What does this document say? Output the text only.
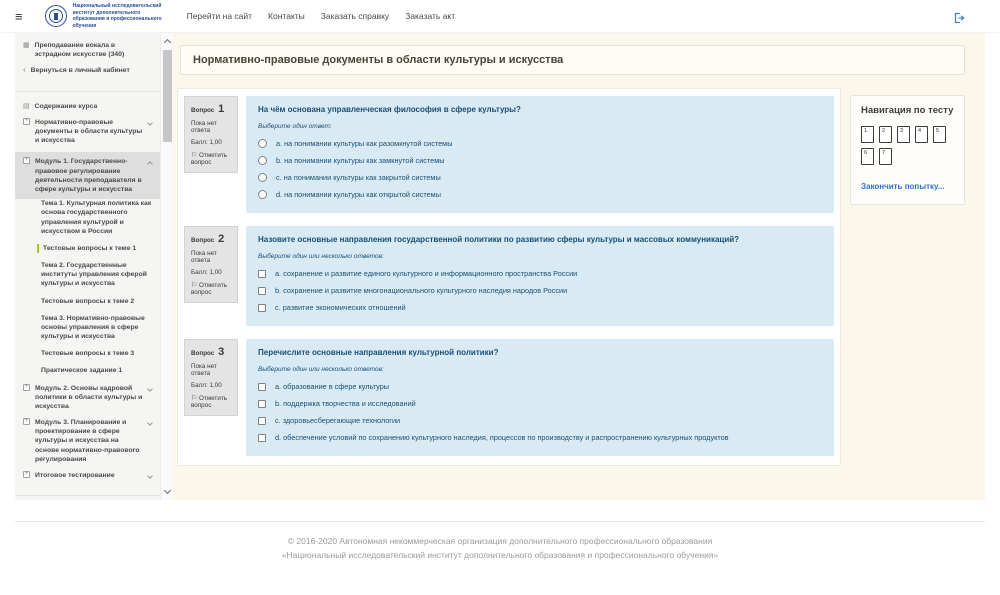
≡
Национальный исследовательский институт дополнительного образования и профессионального обучения
Перейти на сайт Контакты Заказать справку Заказать акт
▦ Преподавание вокала в эстрадном искусстве (340)
‹ Вернуться в личный кабинет
▤ Содержание курса
+ Нормативно-правовые документы в области культуры и искусства
+ Модуль 1. Государственно-правовое регулирование деятельности преподавателя в сфере культуры и искусства
Тема 1. Культурная политика как основа государственного управления культурой и искусством в России
Тестовые вопросы к теме 1
Тема 2. Государственные институты управления сферой культуры и искусства
Тестовые вопросы к теме 2
Тема 3. Нормативно-правовые основы управления в сфере культуры и искусства
Тестовые вопросы к теме 3
Практическое задание 1
+ Модуль 2. Основы кадровой политики в области культуры и искусства
+ Модуль 3. Планирование и проектирование в сфере культуры и искусства на основе нормативно-правового регулирования
+ Итоговое тестирование
Нормативно-правовые документы в области культуры и искусства
Вопрос 1
Пока нет ответа
Балл: 1,00
⚐ Отметить вопрос
На чём основана управленческая философия в сфере культуры?
Выберите один ответ:
a. на понимании культуры как разомкнутой системы
b. на понимании культуры как замкнутой системы
c. на понимании культуры как закрытой системы
d. на понимании культуры как открытой системы
Вопрос 2
Пока нет ответа
Балл: 1,00
⚐ Отметить вопрос
Назовите основные направления государственной политики по развитию сферы культуры и массовых коммуникаций?
Выберите один или несколько ответов:
a. сохранение и развитие единого культурного и информационного пространства России
b. сохранение и развитие многонационального культурного наследия народов России
c. развитие экономических отношений
Вопрос 3
Пока нет ответа
Балл: 1,00
⚐ Отметить вопрос
Перечислите основные направления культурной политики?
Выберите один или несколько ответов:
a. образование в сфере культуры
b. поддержка творчества и исследований
c. здоровьесберегающие технологии
d. обеспечение условий по сохранению культурного наследия, процессов по производству и распространению культурных продуктов
Навигация по тесту
1	2	3	4	5
6	7
Закончить попытку...
© 2016-2020 Автономная некоммерческая организация дополнительного профессионального образования
«Национальный исследовательский институт дополнительного образования и профессионального обучения»
